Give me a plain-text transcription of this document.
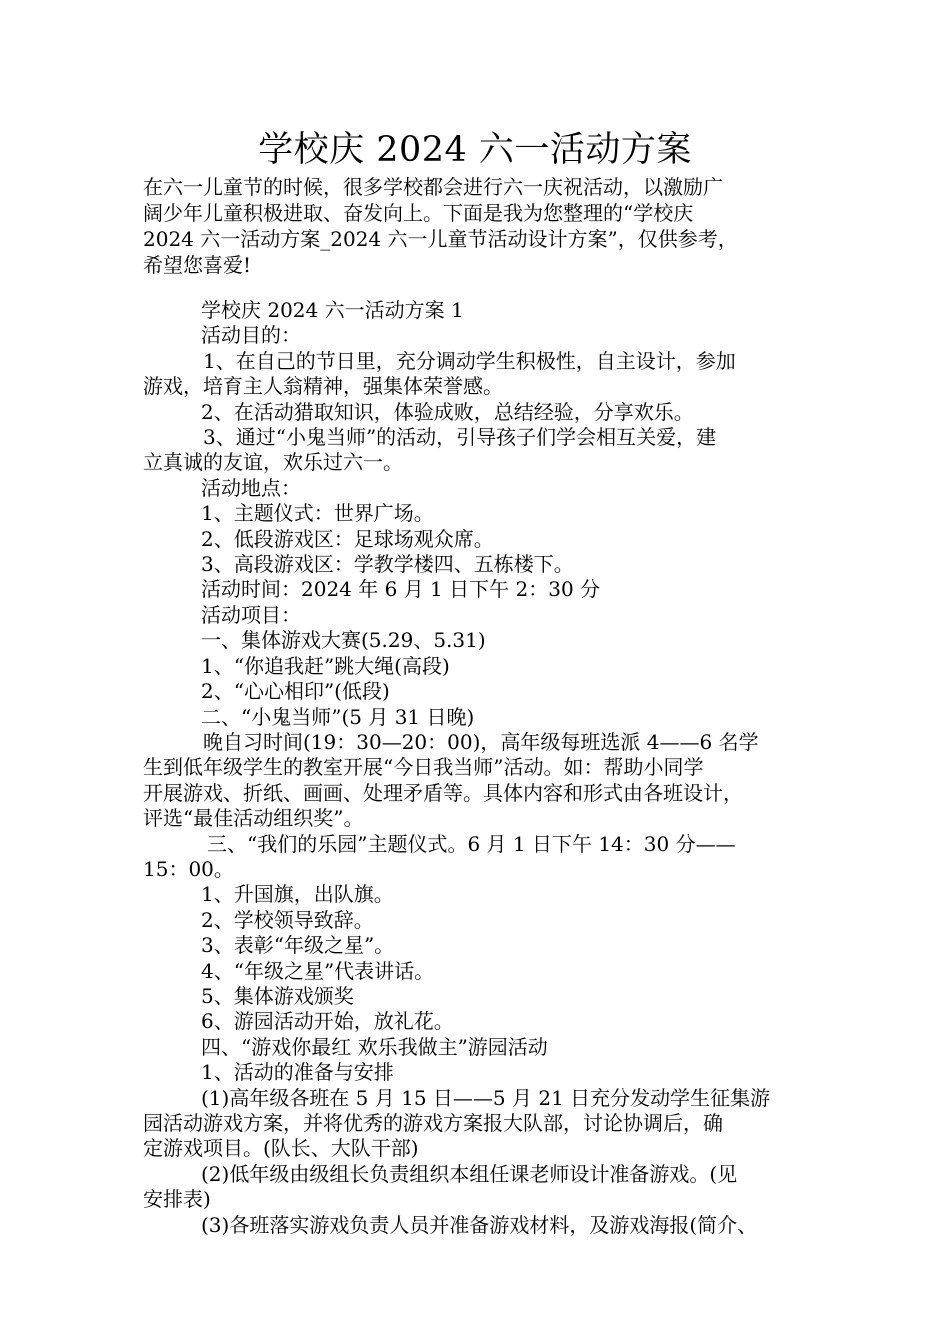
学校庆 2024 六一活动方案
在六一儿童节的时候，很多学校都会进行六一庆祝活动，以激励广
阔少年儿童积极进取、奋发向上。下面是我为您整理的“学校庆
2024 六一活动方案_2024 六一儿童节活动设计方案”，仅供参考，
希望您喜爱!
学校庆 2024 六一活动方案 1
活动目的：
1、在自己的节日里，充分调动学生积极性，自主设计，参加
游戏，培育主人翁精神，强集体荣誉感。
2、在活动猎取知识，体验成败，总结经验，分享欢乐。
3、通过“小鬼当师”的活动，引导孩子们学会相互关爱，建
立真诚的友谊，欢乐过六一。
活动地点：
1、主题仪式：世界广场。
2、低段游戏区：足球场观众席。
3、高段游戏区：学教学楼四、五栋楼下。
活动时间：2024 年 6 月 1 日下午 2：30 分
活动项目：
一、集体游戏大赛(5.29、5.31)
1、“你追我赶”跳大绳(高段)
2、“心心相印”(低段)
二、“小鬼当师”(5 月 31 日晚)
晚自习时间(19：30—20：00)，高年级每班选派 4——6 名学
生到低年级学生的教室开展“今日我当师”活动。如：帮助小同学
开展游戏、折纸、画画、处理矛盾等。具体内容和形式由各班设计，
评选“最佳活动组织奖”。
三、“我们的乐园”主题仪式。6 月 1 日下午 14：30 分——
15：00。
1、升国旗，出队旗。
2、学校领导致辞。
3、表彰“年级之星”。
4、“年级之星”代表讲话。
5、集体游戏颁奖
6、游园活动开始，放礼花。
四、“游戏你最红 欢乐我做主”游园活动
1、活动的准备与安排
(1)高年级各班在 5 月 15 日——5 月 21 日充分发动学生征集游
园活动游戏方案，并将优秀的游戏方案报大队部，讨论协调后，确
定游戏项目。(队长、大队干部)
(2)低年级由级组长负责组织本组任课老师设计准备游戏。(见
安排表)
(3)各班落实游戏负责人员并准备游戏材料，及游戏海报(简介、
